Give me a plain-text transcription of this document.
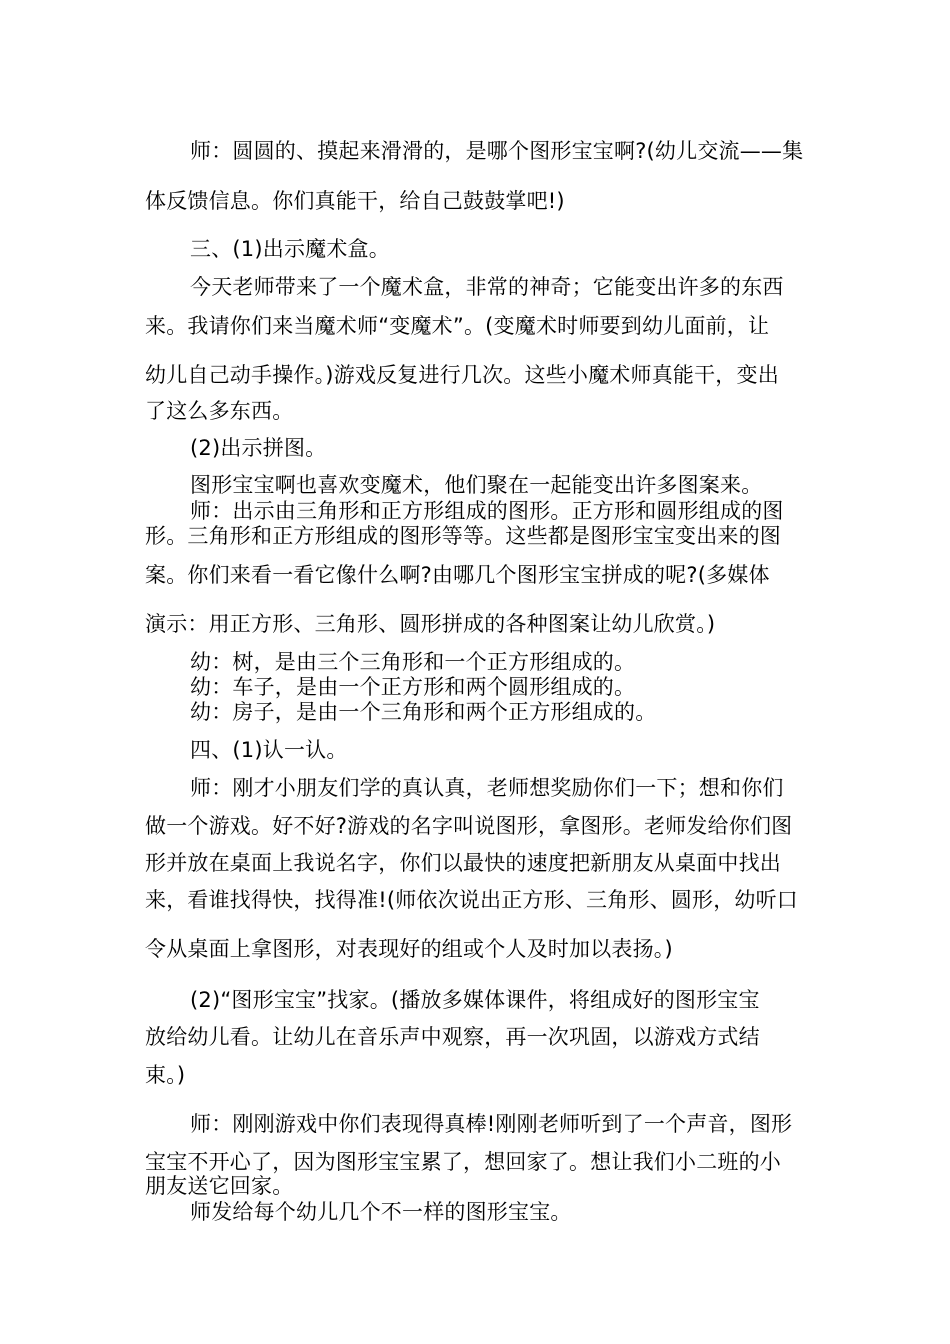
师：圆圆的、摸起来滑滑的，是哪个图形宝宝啊?(幼儿交流——集

体反馈信息。你们真能干，给自己鼓鼓掌吧!)

三、(1)出示魔术盒。

今天老师带来了一个魔术盒，非常的神奇；它能变出许多的东西

来。我请你们来当魔术师“变魔术”。(变魔术时师要到幼儿面前，让

幼儿自己动手操作。)游戏反复进行几次。这些小魔术师真能干，变出

了这么多东西。

(2)出示拼图。

图形宝宝啊也喜欢变魔术，他们聚在一起能变出许多图案来。

师：出示由三角形和正方形组成的图形。正方形和圆形组成的图

形。三角形和正方形组成的图形等等。这些都是图形宝宝变出来的图

案。你们来看一看它像什么啊?由哪几个图形宝宝拼成的呢?(多媒体

演示：用正方形、三角形、圆形拼成的各种图案让幼儿欣赏。)

幼：树，是由三个三角形和一个正方形组成的。

幼：车子，是由一个正方形和两个圆形组成的。

幼：房子，是由一个三角形和两个正方形组成的。

四、(1)认一认。

师：刚才小朋友们学的真认真，老师想奖励你们一下；想和你们

做一个游戏。好不好?游戏的名字叫说图形，拿图形。老师发给你们图

形并放在桌面上我说名字，你们以最快的速度把新朋友从桌面中找出

来，看谁找得快，找得准!(师依次说出正方形、三角形、圆形，幼听口

令从桌面上拿图形，对表现好的组或个人及时加以表扬。)

(2)“图形宝宝”找家。(播放多媒体课件，将组成好的图形宝宝

放给幼儿看。让幼儿在音乐声中观察，再一次巩固，以游戏方式结

束。)

师：刚刚游戏中你们表现得真棒!刚刚老师听到了一个声音，图形

宝宝不开心了，因为图形宝宝累了，想回家了。想让我们小二班的小

朋友送它回家。

师发给每个幼儿几个不一样的图形宝宝。
